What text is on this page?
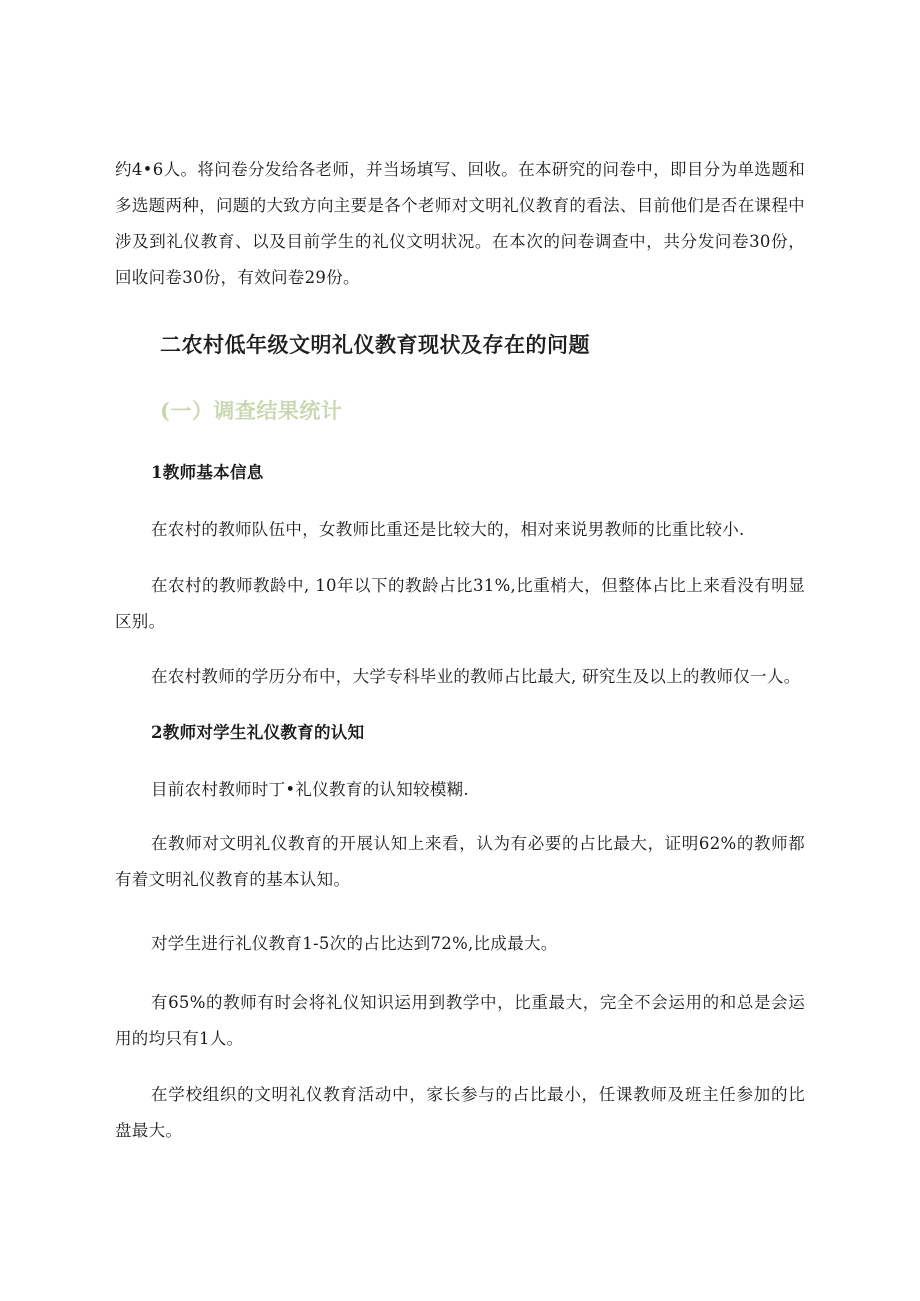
约4•6人。将问卷分发给各老师，并当场填写、回收。在本研究的问卷中，即目分为单选题和多选题两种，问题的大致方向主要是各个老师对文明礼仪教育的看法、目前他们是否在课程中涉及到礼仪教育、以及目前学生的礼仪文明状况。在本次的问卷调查中，共分发问卷30份，回收问卷30份，有效问卷29份。

二农村低年级文明礼仪教育现状及存在的问题
(一）调查结果统计
1教师基本信息

在农村的教师队伍中，女教师比重还是比较大的，相对来说男教师的比重比较小.

在农村的教师教龄中, 10年以下的教龄占比31%,比重梢大，但整体占比上来看没有明显区别。

在农村教师的学历分布中，大学专科毕业的教师占比最大, 研究生及以上的教师仅一人。

2教师对学生礼仪教育的认知

目前农村教师时丁•礼仪教育的认知较模糊.

在教师对文明礼仪教育的开展认知上来看，认为有必要的占比最大，证明62%的教师都有着文明礼仪教育的基本认知。

对学生进行礼仪教育1-5次的占比达到72%,比成最大。

有65%的教师有时会将礼仪知识运用到教学中，比重最大，完全不会运用的和总是会运用的均只有1人。

在学校组织的文明礼仪教育活动中，家长参与的占比最小，任课教师及班主任参加的比盘最大。
